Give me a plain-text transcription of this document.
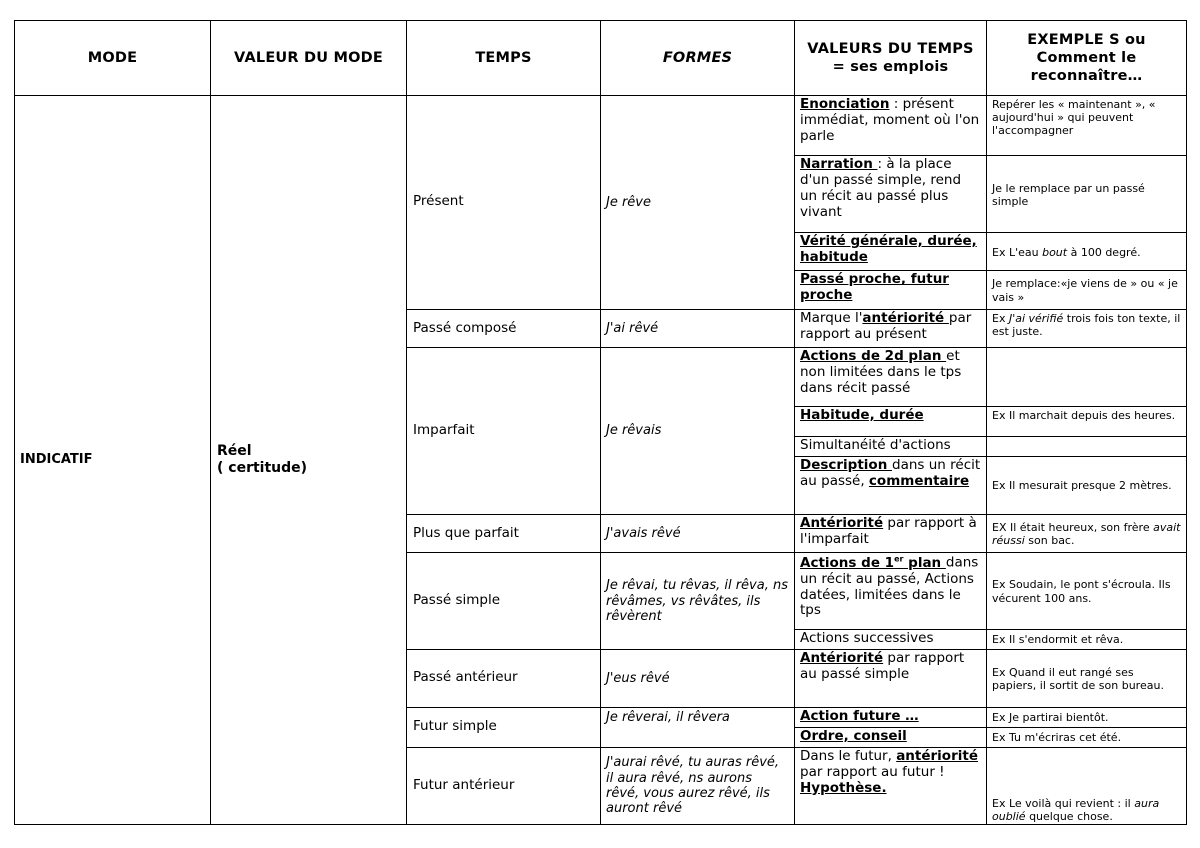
MODE	VALEUR DU MODE	TEMPS	FORMES	VALEURS DU TEMPS = ses emplois	EXEMPLE S ou Comment le reconnaître…
INDICATIF	Réel
( certitude)	Présent	Je rêve	Enonciation : présent immédiat, moment où l'on parle	Repérer les « maintenant », « aujourd'hui » qui peuvent l'accompagner
				Narration : à la place d'un passé simple, rend un récit au passé plus vivant	Je le remplace par un passé simple
				Vérité générale, durée, habitude	Ex L'eau bout à 100 degré.
				Passé proche, futur proche	Je remplace:«je viens de » ou « je vais »
		Passé composé	J'ai rêvé	Marque l'antériorité par rapport au présent	Ex J'ai vérifié trois fois ton texte, il est juste.
		Imparfait	Je rêvais	Actions de 2d plan et non limitées dans le tps dans récit passé	
				Habitude, durée	Ex Il marchait depuis des heures.
				Simultanéité d'actions	
				Description dans un récit au passé, commentaire	Ex Il mesurait presque 2 mètres.
		Plus que parfait	J'avais rêvé	Antériorité par rapport à l'imparfait	EX Il était heureux, son frère avait réussi son bac.
		Passé simple	Je rêvai, tu rêvas, il rêva, ns rêvâmes, vs rêvâtes, ils rêvèrent	Actions de 1er plan dans un récit au passé, Actions datées, limitées dans le tps	Ex Soudain, le pont s'écroula. Ils vécurent 100 ans.
				Actions successives	Ex Il s'endormit et rêva.
		Passé antérieur	J'eus rêvé	Antériorité par rapport au passé simple	Ex Quand il eut rangé ses papiers, il sortit de son bureau.
		Futur simple	Je rêverai, il rêvera	Action future …	Ex Je partirai bientôt.
				Ordre, conseil	Ex Tu m'écriras cet été.
		Futur antérieur	J'aurai rêvé, tu auras rêvé, il aura rêvé, ns aurons rêvé, vous aurez rêvé, ils auront rêvé	Dans le futur, antériorité par rapport au futur ! Hypothèse.	Ex Le voilà qui revient : il aura oublié quelque chose.
